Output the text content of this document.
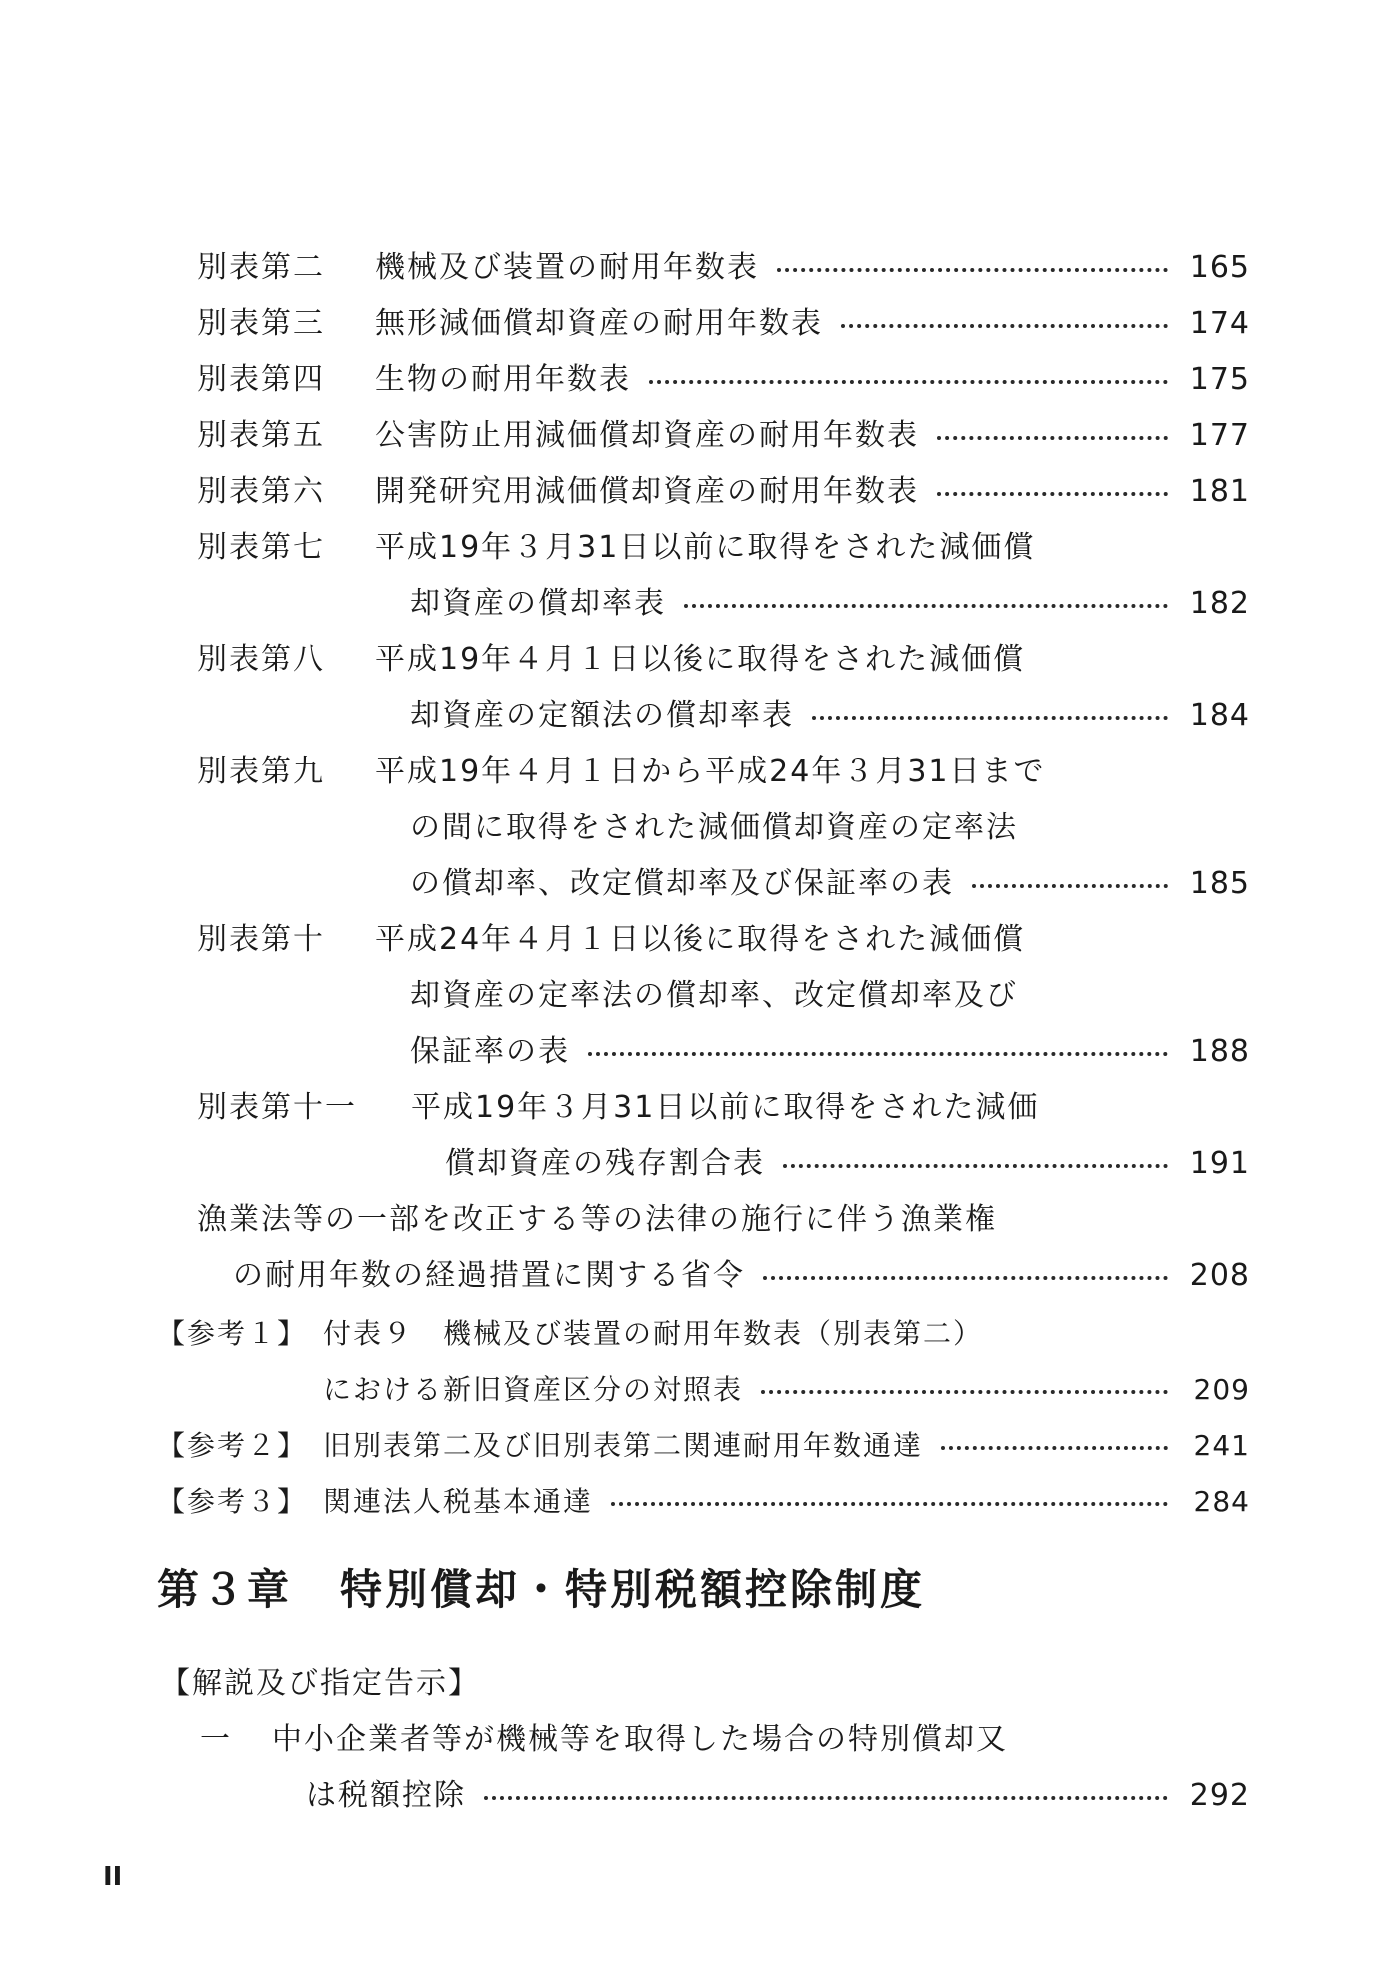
別表第二	機械及び装置の耐用年数表	165
別表第三	無形減価償却資産の耐用年数表	174
別表第四	生物の耐用年数表	175
別表第五	公害防止用減価償却資産の耐用年数表	177
別表第六	開発研究用減価償却資産の耐用年数表	181
別表第七	平成19年３月31日以前に取得をされた減価償
却資産の償却率表	182
別表第八	平成19年４月１日以後に取得をされた減価償
却資産の定額法の償却率表	184
別表第九	平成19年４月１日から平成24年３月31日まで
の間に取得をされた減価償却資産の定率法
の償却率、改定償却率及び保証率の表	185
別表第十	平成24年４月１日以後に取得をされた減価償
却資産の定率法の償却率、改定償却率及び
保証率の表	188
別表第十一	平成19年３月31日以前に取得をされた減価
償却資産の残存割合表	191
漁業法等の一部を改正する等の法律の施行に伴う漁業権
の耐用年数の経過措置に関する省令	208
【参考１】 付表９　機械及び装置の耐用年数表（別表第二）
における新旧資産区分の対照表	209
【参考２】 旧別表第二及び旧別表第二関連耐用年数通達	241
【参考３】 関連法人税基本通達	284
第３章 特別償却・特別税額控除制度
【解説及び指定告示】
一	中小企業者等が機械等を取得した場合の特別償却又
は税額控除	292
II
